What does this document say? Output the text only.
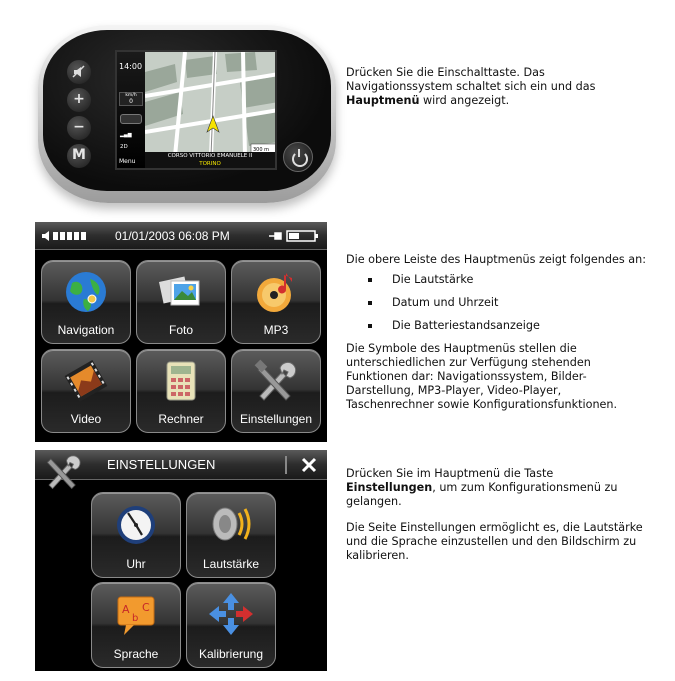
+
−
M
14:00
km/h
0
▂▄▆
2D
Menu
300 m
CORSO VITTORIO EMANUELE II
TORINO

Drücken Sie die Einschalttaste. Das Navigationssystem schaltet sich ein und das Hauptmenü wird angezeigt.

01/01/2003 06:08 PM
Navigation	Foto	MP3
Video	Rechner	Einstellungen

Die obere Leiste des Hauptmenüs zeigt folgendes an:

Die Lautstärke
Datum und Uhrzeit
Die Batteriestandsanzeige

Die Symbole des Hauptmenüs stellen die unterschiedlichen zur Verfügung stehenden Funktionen dar: Navigationssystem, Bilder-Darstellung, MP3-Player, Video-Player, Taschenrechner sowie Konfigurationsfunktionen.

EINSTELLUNGEN
Uhr	Lautstärke
A
b
C
Sprache	Kalibrierung

Drücken Sie im Hauptmenü die Taste Einstellungen, um zum Konfigurationsmenü zu gelangen.

Die Seite Einstellungen ermöglicht es, die Lautstärke und die Sprache einzustellen und den Bildschirm zu kalibrieren.
